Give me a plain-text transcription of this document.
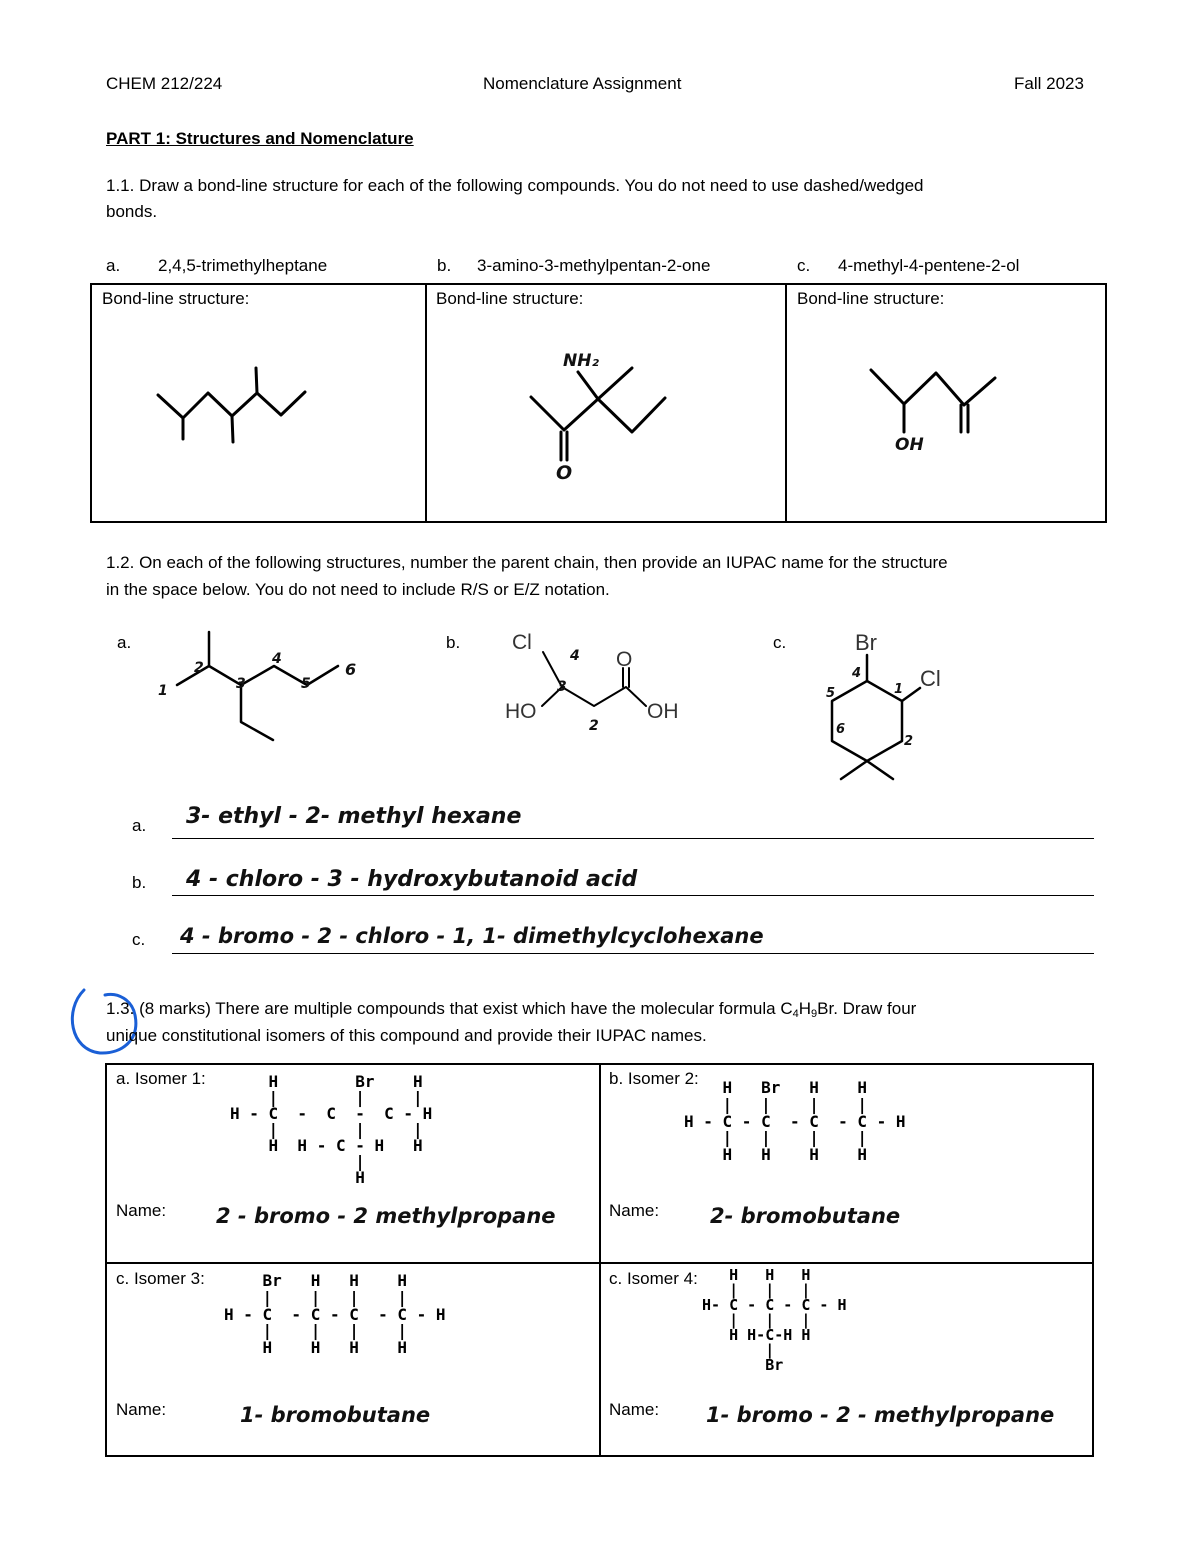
CHEM 212/224	Nomenclature Assignment	Fall 2023
PART 1: Structures and Nomenclature
1.1. Draw a bond-line structure for each of the following compounds. You do not need to use dashed/wedged
bonds.
a. 2,4,5-trimethylheptane	b. 3-amino-3-methylpentan-2-one	c. 4-methyl-4-pentene-2-ol
Bond-line structure:	Bond-line structure:	Bond-line structure:
NH₂
O
OH
1.2. On each of the following structures, number the parent chain, then provide an IUPAC name for the structure
in the space below. You do not need to include R/S or E/Z notation.
a.	b.	c.
1
2
3
4
5
6
Cl
O
HO	OH
4
3
2
Br
Cl
4
1
2
5
6
a. 3- ethyl - 2- methyl hexane
b. 4 - chloro - 3 - hydroxybutanoid acid
c. 4 - bromo - 2 - chloro - 1, 1- dimethylcyclohexane
1.3. (8 marks) There are multiple compounds that exist which have the molecular formula $C_4H_9Br$. Draw four
unique constitutional isomers of this compound and provide their IUPAC names.
a. Isomer 1:	H        Br    H
|        |     |
H - C  -  C  -  C - H
|        |     |
H  H - C - H   H
|
H
Name: 2 - bromo - 2 methylpropane
b. Isomer 2:	H   Br   H    H
|   |    |    |
H - C - C  - C  - C - H
|   |    |    |
H   H    H    H
Name: 2- bromobutane
c. Isomer 3:	Br   H   H    H
|    |   |    |
H - C  - C - C  - C - H
|    |   |    |
H    H   H    H
Name:	1- bromobutane
c. Isomer 4:	H   H   H
|   |   |
H- C - C - C - H
|   |   |
H H-C-H H
|
Br
Name: 1- bromo - 2 - methylpropane
